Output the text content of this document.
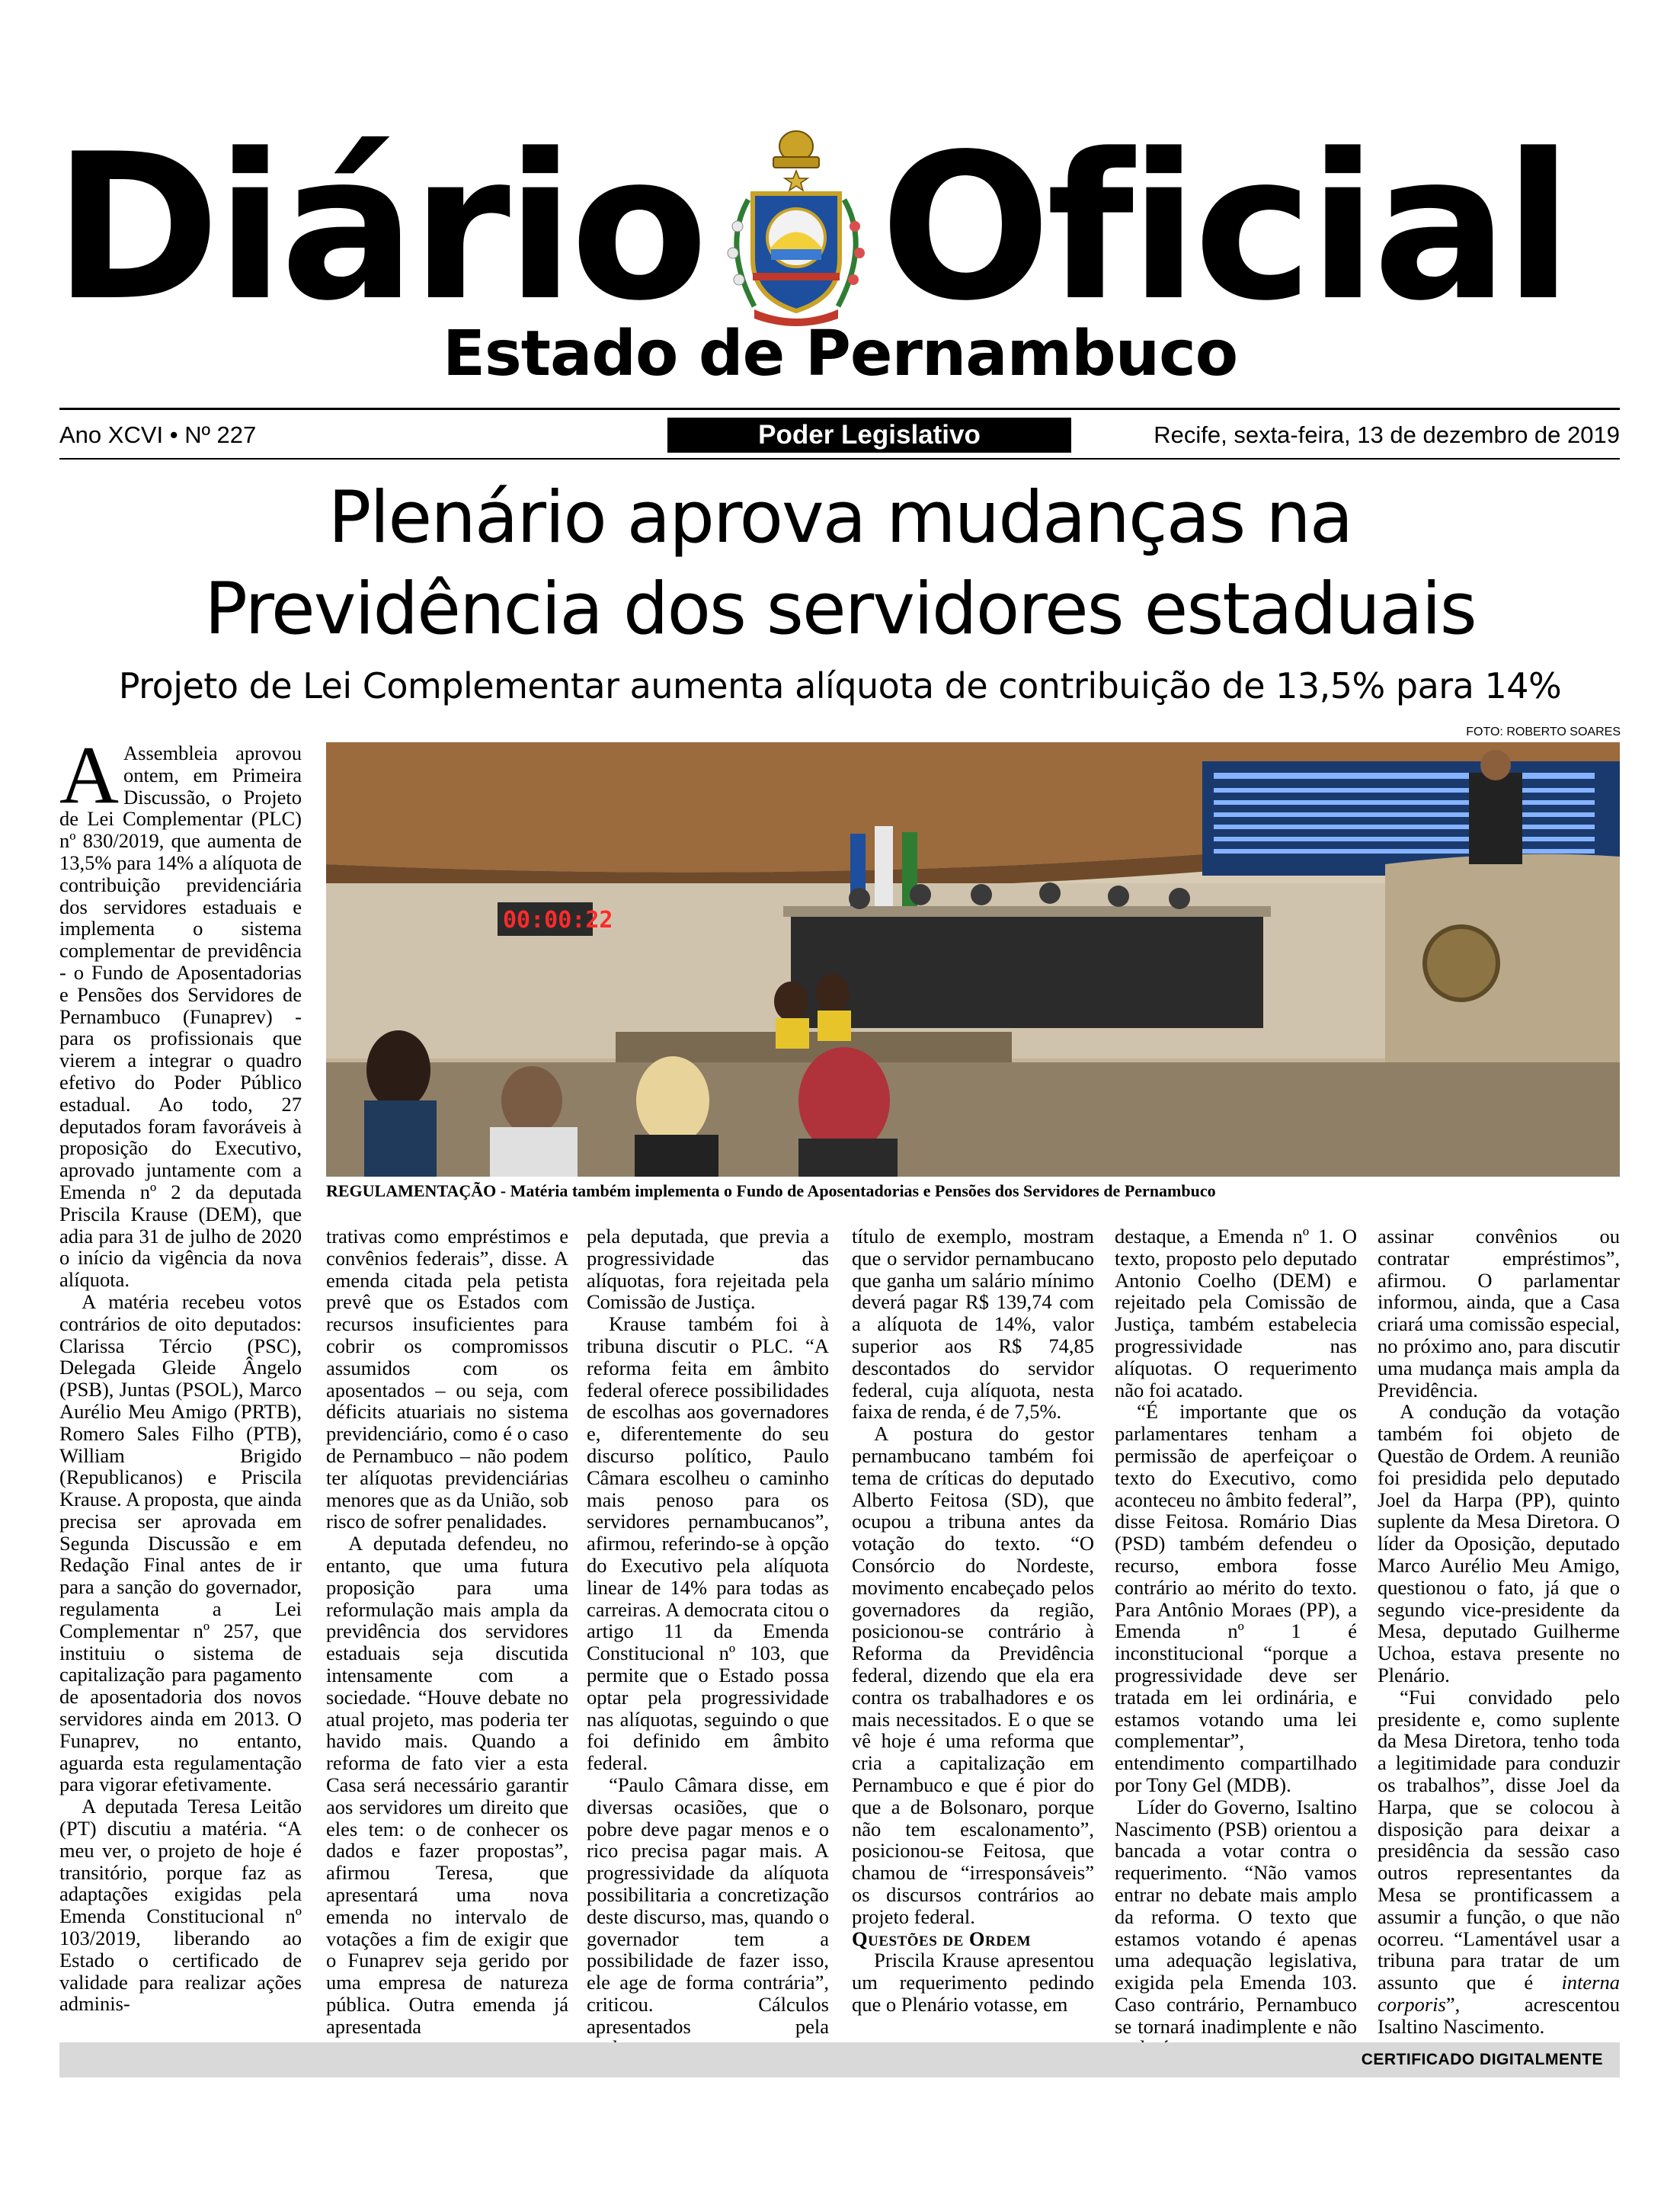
Diário Oficial
Estado de Pernambuco
Ano XCVI • Nº 227	Poder Legislativo	Recife, sexta-feira, 13 de dezembro de 2019
Plenário aprova mudanças na
Previdência dos servidores estaduais
Projeto de Lei Complementar aumenta alíquota de contribuição de 13,5% para 14%
FOTO: ROBERTO SOARES
00:00:22
REGULAMENTAÇÃO - Matéria também implementa o Fundo de Aposentadorias e Pensões dos Servidores de Pernambuco

A Assembleia aprovou ontem, em Primeira Discussão, o Projeto de Lei Complementar (PLC) nº 830/2019, que aumenta de 13,5% para 14% a alíquota de contribuição previdenciária dos servidores estaduais e implementa o sistema complementar de previdência - o Fundo de Aposentadorias e Pensões dos Servidores de Pernambuco (Funaprev) - para os profissionais que vierem a integrar o quadro efetivo do Poder Público estadual. Ao todo, 27 deputados foram favoráveis à proposição do Executivo, aprovado juntamente com a Emenda nº 2 da deputada Priscila Krause (DEM), que adia para 31 de julho de 2020 o início da vigência da nova alíquota.

A matéria recebeu votos contrários de oito deputados: Clarissa Tércio (PSC), Delegada Gleide Ângelo (PSB), Juntas (PSOL), Marco Aurélio Meu Amigo (PRTB), Romero Sales Filho (PTB), William Brigido (Republicanos) e Priscila Krause. A proposta, que ainda precisa ser aprovada em Segunda Discussão e em Redação Final antes de ir para a sanção do governador, regulamenta a Lei Complementar nº 257, que instituiu o sistema de capitalização para pagamento de aposentadoria dos novos servidores ainda em 2013. O Funaprev, no entanto, aguarda esta regulamentação para vigorar efetivamente.

A deputada Teresa Leitão (PT) discutiu a matéria. “A meu ver, o projeto de hoje é transitório, porque faz as adaptações exigidas pela Emenda Constitucional nº 103/2019, liberando ao Estado o certificado de validade para realizar ações adminis-

trativas como empréstimos e convênios federais”, disse. A emenda citada pela petista prevê que os Estados com recursos insuficientes para cobrir os compromissos assumidos com os aposentados – ou seja, com déficits atuariais no sistema previdenciário, como é o caso de Pernambuco – não podem ter alíquotas previdenciárias menores que as da União, sob risco de sofrer penalidades.

A deputada defendeu, no entanto, que uma futura proposição para uma reformulação mais ampla da previdência dos servidores estaduais seja discutida intensamente com a sociedade. “Houve debate no atual projeto, mas poderia ter havido mais. Quando a reforma de fato vier a esta Casa será necessário garantir aos servidores um direito que eles tem: o de conhecer os dados e fazer propostas”, afirmou Teresa, que apresentará uma nova emenda no intervalo de votações a fim de exigir que o Funaprev seja gerido por uma empresa de natureza pública. Outra emenda já apresentada

pela deputada, que previa a progressividade das alíquotas, fora rejeitada pela Comissão de Justiça.

Krause também foi à tribuna discutir o PLC. “A reforma feita em âmbito federal oferece possibilidades de escolhas aos governadores e, diferentemente do seu discurso político, Paulo Câmara escolheu o caminho mais penoso para os servidores pernambucanos”, afirmou, referindo-se à opção do Executivo pela alíquota linear de 14% para todas as carreiras. A democrata citou o artigo 11 da Emenda Constitucional nº 103, que permite que o Estado possa optar pela progressividade nas alíquotas, seguindo o que foi definido em âmbito federal.

“Paulo Câmara disse, em diversas ocasiões, que o pobre deve pagar menos e o rico precisa pagar mais. A progressividade da alíquota possibilitaria a concretização deste discurso, mas, quando o governador tem a possibilidade de fazer isso, ele age de forma contrária”, criticou. Cálculos apresentados pela

título de exemplo, mostram que o servidor pernambucano que ganha um salário mínimo deverá pagar R$ 139,74 com a alíquota de 14%, valor superior aos R$ 74,85 descontados do servidor federal, cuja alíquota, nesta faixa de renda, é de 7,5%.

A postura do gestor pernambucano também foi tema de críticas do deputado Alberto Feitosa (SD), que ocupou a tribuna antes da votação do texto. “O Consórcio do Nordeste, movimento encabeçado pelos governadores da região, posicionou-se contrário à Reforma da Previdência federal, dizendo que ela era contra os trabalhadores e os mais necessitados. E o que se vê hoje é uma reforma que cria a capitalização em Pernambuco e que é pior do que a de Bolsonaro, porque não tem escalonamento”, posicionou-se Feitosa, que chamou de “irresponsáveis” os discursos contrários ao projeto federal.

Questões de Ordem

Priscila Krause apresentou um requerimento pedindo que o Plenário votasse, em

destaque, a Emenda nº 1. O texto, proposto pelo deputado Antonio Coelho (DEM) e rejeitado pela Comissão de Justiça, também estabelecia progressividade nas alíquotas. O requerimento não foi acatado.

“É importante que os parlamentares tenham a permissão de aperfeiçoar o texto do Executivo, como aconteceu no âmbito federal”, disse Feitosa. Romário Dias (PSD) também defendeu o recurso, embora fosse contrário ao mérito do texto. Para Antônio Moraes (PP), a Emenda nº 1 é inconstitucional “porque a progressividade deve ser tratada em lei ordinária, e estamos votando uma lei complementar”, entendimento compartilhado por Tony Gel (MDB).

Líder do Governo, Isaltino Nascimento (PSB) orientou a bancada a votar contra o requerimento. “Não vamos entrar no debate mais amplo da reforma. O texto que estamos votando é apenas uma adequação legislativa, exigida pela Emenda 103. Caso contrário, Pernambuco se tornará inadimplente e não

assinar convênios ou contratar empréstimos”, afirmou. O parlamentar informou, ainda, que a Casa criará uma comissão especial, no próximo ano, para discutir uma mudança mais ampla da Previdência.

A condução da votação também foi objeto de Questão de Ordem. A reunião foi presidida pelo deputado Joel da Harpa (PP), quinto suplente da Mesa Diretora. O líder da Oposição, deputado Marco Aurélio Meu Amigo, questionou o fato, já que o segundo vice-presidente da Mesa, deputado Guilherme Uchoa, estava presente no Plenário.

“Fui convidado pelo presidente e, como suplente da Mesa Diretora, tenho toda a legitimidade para conduzir os trabalhos”, disse Joel da Harpa, que se colocou à disposição para deixar a presidência da sessão caso outros representantes da Mesa se prontificassem a assumir a função, o que não ocorreu. “Lamentável usar a tribuna para tratar de um assunto que é interna corporis”, acrescentou Isaltino Nascimento.

CERTIFICADO DIGITALMENTE
